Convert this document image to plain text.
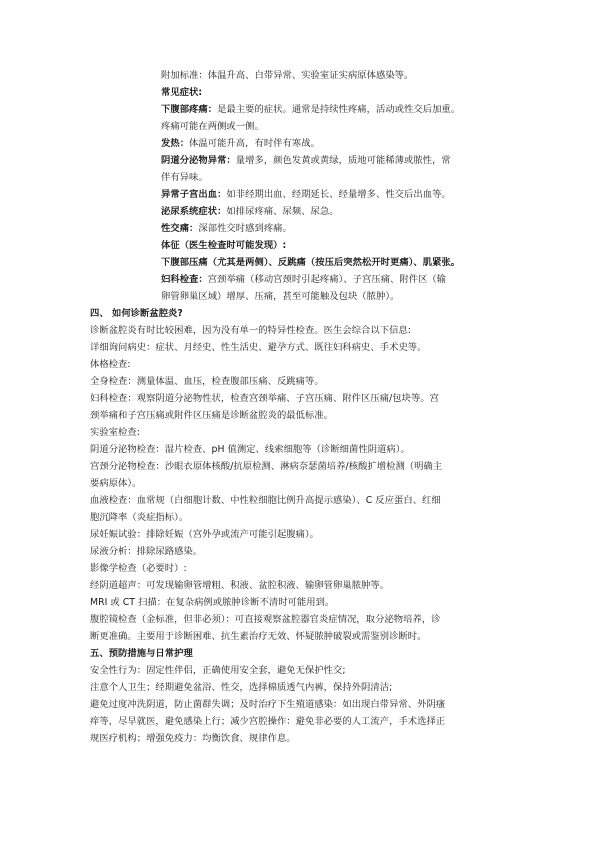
附加标准：体温升高、白带异常、实验室证实病原体感染等。
常见症状:
下腹部疼痛：是最主要的症状。通常是持续性疼痛，活动或性交后加重。
疼痛可能在两侧或一侧。
发热：体温可能升高，有时伴有寒战。
阴道分泌物异常：量增多，颜色发黄或黄绿，质地可能稀薄或脓性，常
伴有异味。
异常子宫出血：如非经期出血、经期延长、经量增多、性交后出血等。
泌尿系统症状：如排尿疼痛、尿频、尿急。
性交痛：深部性交时感到疼痛。
体征（医生检查时可能发现）:
下腹部压痛（尤其是两侧）、反跳痛（按压后突然松开时更痛）、肌紧张。
妇科检查：宫颈举痛（移动宫颈时引起疼痛）、子宫压痛、附件区（输
卵管卵巢区域）增厚、压痛，甚至可能触及包块（脓肿）。
四、 如何诊断盆腔炎?
诊断盆腔炎有时比较困难，因为没有单一的特异性检查。医生会综合以下信息:
详细询问病史：症状、月经史、性生活史、避孕方式、既往妇科病史、手术史等。
体格检查:
全身检查：测量体温、血压，检查腹部压痛、反跳痛等。
妇科检查：观察阴道分泌物性状，检查宫颈举痛、子宫压痛、附件区压痛/包块等。宫
颈举痛和子宫压痛或附件区压痛是诊断盆腔炎的最低标准。
实验室检查:
阴道分泌物检查：湿片检查、pH 值测定、线索细胞等（诊断细菌性阴道病）。
宫颈分泌物检查：沙眼衣原体核酸/抗原检测、淋病奈瑟菌培养/核酸扩增检测（明确主
要病原体）。
血液检查：血常规（白细胞计数、中性粒细胞比例升高提示感染）、C 反应蛋白、红细
胞沉降率（炎症指标）。
尿妊娠试验：排除妊娠（宫外孕或流产可能引起腹痛）。
尿液分析：排除尿路感染。
影像学检查（必要时）:
经阴道超声：可发现输卵管增粗、积液、盆腔积液、输卵管卵巢脓肿等。
MRI 或 CT 扫描：在复杂病例或脓肿诊断不清时可能用到。
腹腔镜检查（金标准，但非必须）：可直接观察盆腔器官炎症情况，取分泌物培养，诊
断更准确。主要用于诊断困难、抗生素治疗无效、怀疑脓肿破裂或需鉴别诊断时。
五、预防措施与日常护理
安全性行为：固定性伴侣，正确使用安全套，避免无保护性交;
注意个人卫生；经期避免盆浴、性交，选择棉质透气内裤，保持外阴清洁;
避免过度冲洗阴道，防止菌群失调；及时治疗下生殖道感染：如出现白带异常、外阴瘙
痒等，尽早就医，避免感染上行；减少宫腔操作：避免非必要的人工流产，手术选择正
规医疗机构；增强免疫力：均衡饮食、规律作息。
